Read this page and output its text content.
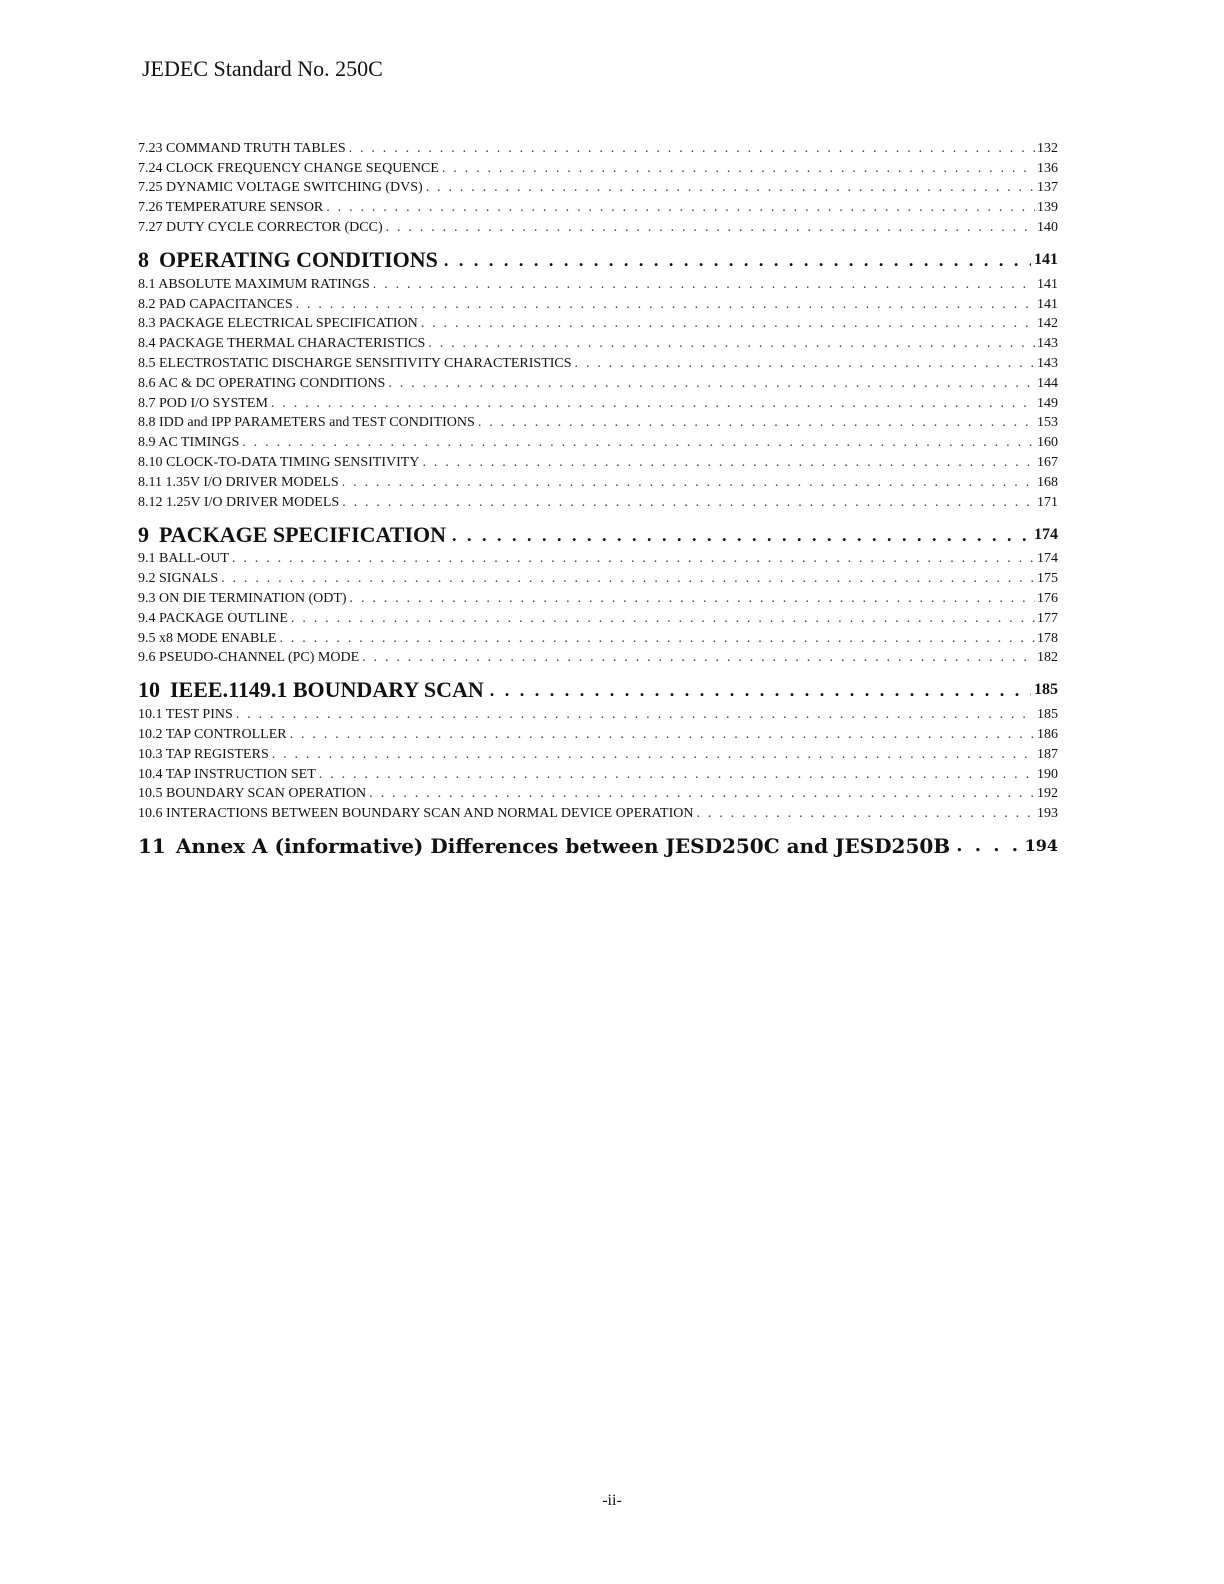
JEDEC Standard No. 250C
7.23 COMMAND TRUTH TABLES . . .	132
7.24 CLOCK FREQUENCY CHANGE SEQUENCE . . .	136
7.25 DYNAMIC VOLTAGE SWITCHING (DVS) . . .	137
7.26 TEMPERATURE SENSOR . . .	139
7.27 DUTY CYCLE CORRECTOR (DCC) . . .	140
8 OPERATING CONDITIONS . . .	141
8.1 ABSOLUTE MAXIMUM RATINGS . . .	141
8.2 PAD CAPACITANCES . . .	141
8.3 PACKAGE ELECTRICAL SPECIFICATION . . .	142
8.4 PACKAGE THERMAL CHARACTERISTICS . . .	143
8.5 ELECTROSTATIC DISCHARGE SENSITIVITY CHARACTERISTICS . . .	143
8.6 AC & DC OPERATING CONDITIONS . . .	144
8.7 POD I/O SYSTEM . . .	149
8.8 IDD and IPP PARAMETERS and TEST CONDITIONS . . .	153
8.9 AC TIMINGS . . .	160
8.10 CLOCK-TO-DATA TIMING SENSITIVITY . . .	167
8.11 1.35V I/O DRIVER MODELS . . .	168
8.12 1.25V I/O DRIVER MODELS . . .	171
9 PACKAGE SPECIFICATION . . .	174
9.1 BALL-OUT . . .	174
9.2 SIGNALS . . .	175
9.3 ON DIE TERMINATION (ODT) . . .	176
9.4 PACKAGE OUTLINE . . .	177
9.5 x8 MODE ENABLE . . .	178
9.6 PSEUDO-CHANNEL (PC) MODE . . .	182
10 IEEE.1149.1 BOUNDARY SCAN . . .	185
10.1 TEST PINS . . .	185
10.2 TAP CONTROLLER . . .	186
10.3 TAP REGISTERS . . .	187
10.4 TAP INSTRUCTION SET . . .	190
10.5 BOUNDARY SCAN OPERATION . . .	192
10.6 INTERACTIONS BETWEEN BOUNDARY SCAN AND NORMAL DEVICE OPERATION . . .	193
11 Annex A (informative) Differences between JESD250C and JESD250B . . .	194
-ii-
